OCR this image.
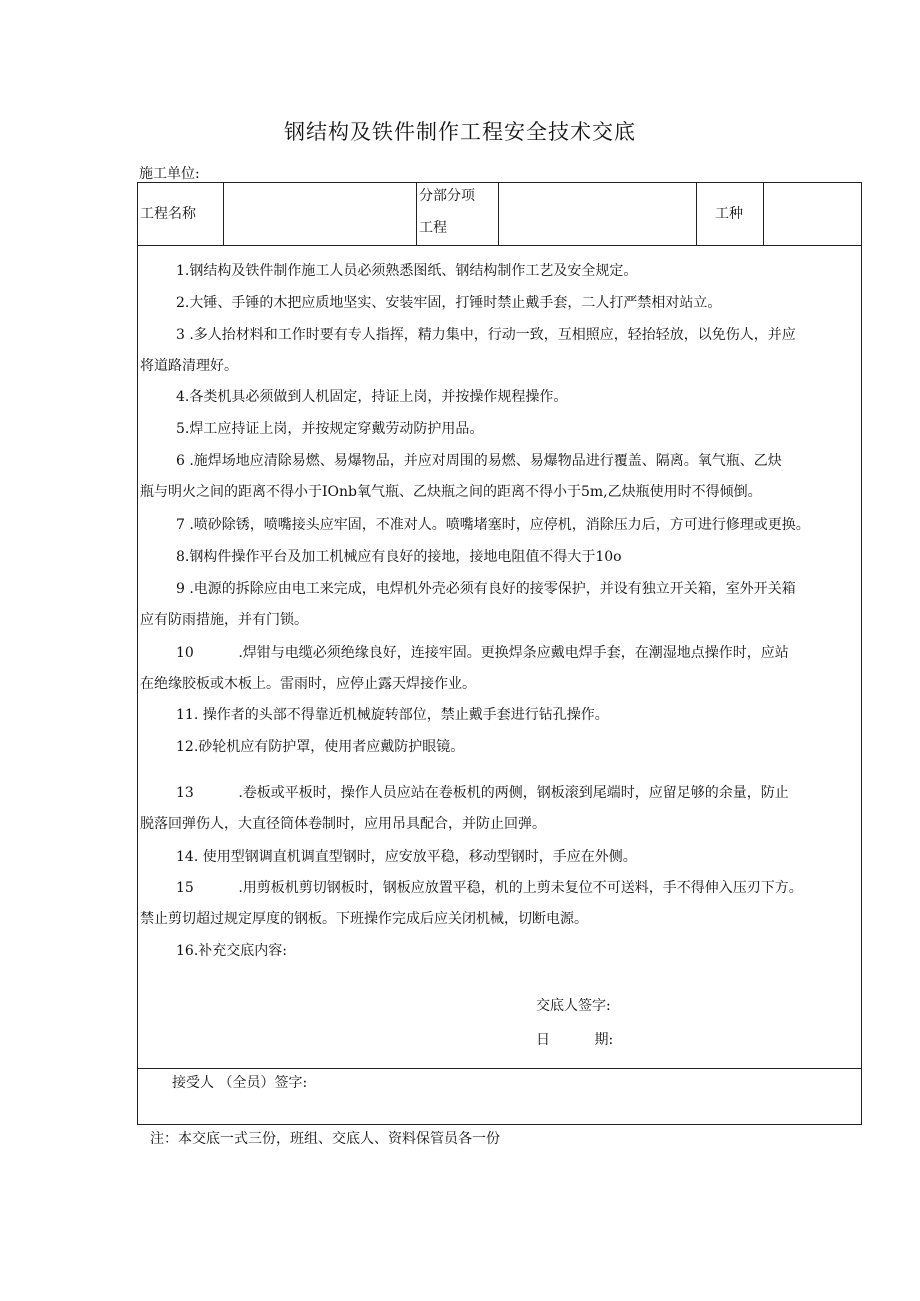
钢结构及铁件制作工程安全技术交底
施工单位:
工程名称
分部分项
工程
工种
1.钢结构及铁件制作施工人员必须熟悉图纸、钢结构制作工艺及安全规定。
2.大锤、手锤的木把应质地坚实、安装牢固，打锤时禁止戴手套，二人打严禁相对站立。
3 .多人抬材料和工作时要有专人指挥，精力集中，行动一致，互相照应，轻抬轻放，以免伤人，并应
将道路清理好。
4.各类机具必须做到人机固定，持证上岗，并按操作规程操作。
5.焊工应持证上岗，并按规定穿戴劳动防护用品。
6 .施焊场地应清除易燃、易爆物品，并应对周围的易燃、易爆物品进行覆盖、隔离。氧气瓶、乙炔
瓶与明火之间的距离不得小于IOnb氧气瓶、乙炔瓶之间的距离不得小于5m,乙炔瓶使用时不得倾倒。
7 .喷砂除锈，喷嘴接头应牢固，不准对人。喷嘴堵塞时，应停机，消除压力后，方可进行修理或更换。
8.钢构件操作平台及加工机械应有良好的接地，接地电阻值不得大于10o
9 .电源的拆除应由电工来完成，电焊机外壳必须有良好的接零保护，并设有独立开关箱，室外开关箱
应有防雨措施，并有门锁。
10          .焊钳与电缆必须绝缘良好，连接牢固。更换焊条应戴电焊手套，在潮湿地点操作时，应站
在绝缘胶板或木板上。雷雨时，应停止露天焊接作业。
11. 操作者的头部不得靠近机械旋转部位，禁止戴手套进行钻孔操作。
12.砂轮机应有防护罩，使用者应戴防护眼镜。
13          .卷板或平板时，操作人员应站在卷板机的两侧，钢板滚到尾端时，应留足够的余量，防止
脱落回弹伤人，大直径筒体卷制时，应用吊具配合，并防止回弹。
14. 使用型钢调直机调直型钢时，应安放平稳，移动型钢时，手应在外侧。
15          .用剪板机剪切钢板时，钢板应放置平稳，机的上剪未复位不可送料，手不得伸入压刃下方。
禁止剪切超过规定厚度的钢板。下班操作完成后应关闭机械，切断电源。
16.补充交底内容:
交底人签字:
日          期:
接受人 （全员）签字:
注：本交底一式三份，班组、交底人、资料保管员各一份
